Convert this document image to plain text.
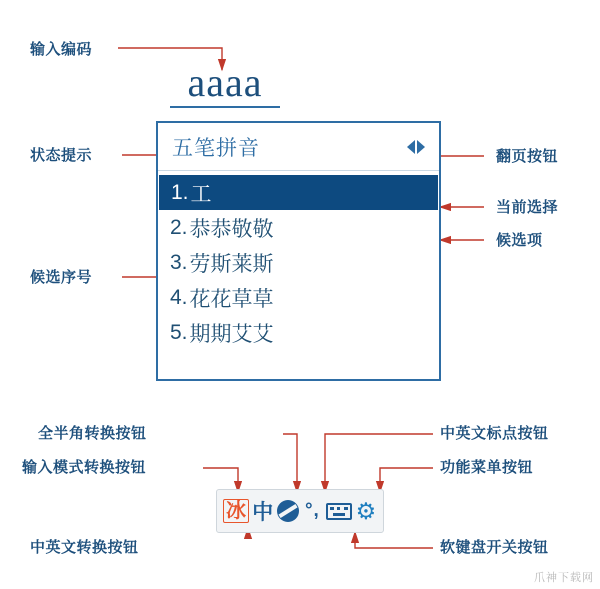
输入编码
状态提示
候选序号
翻页按钮
当前选择
候选项
全半角转换按钮
输入模式转换按钮
中英文转换按钮
中英文标点按钮
功能菜单按钮
软键盘开关按钮
aaaa
五笔拼音
1. 工
2. 恭恭敬敬
3. 劳斯莱斯
4. 花花草草
5. 期期艾艾
冰 中 °, ⚙
爪神下载网
